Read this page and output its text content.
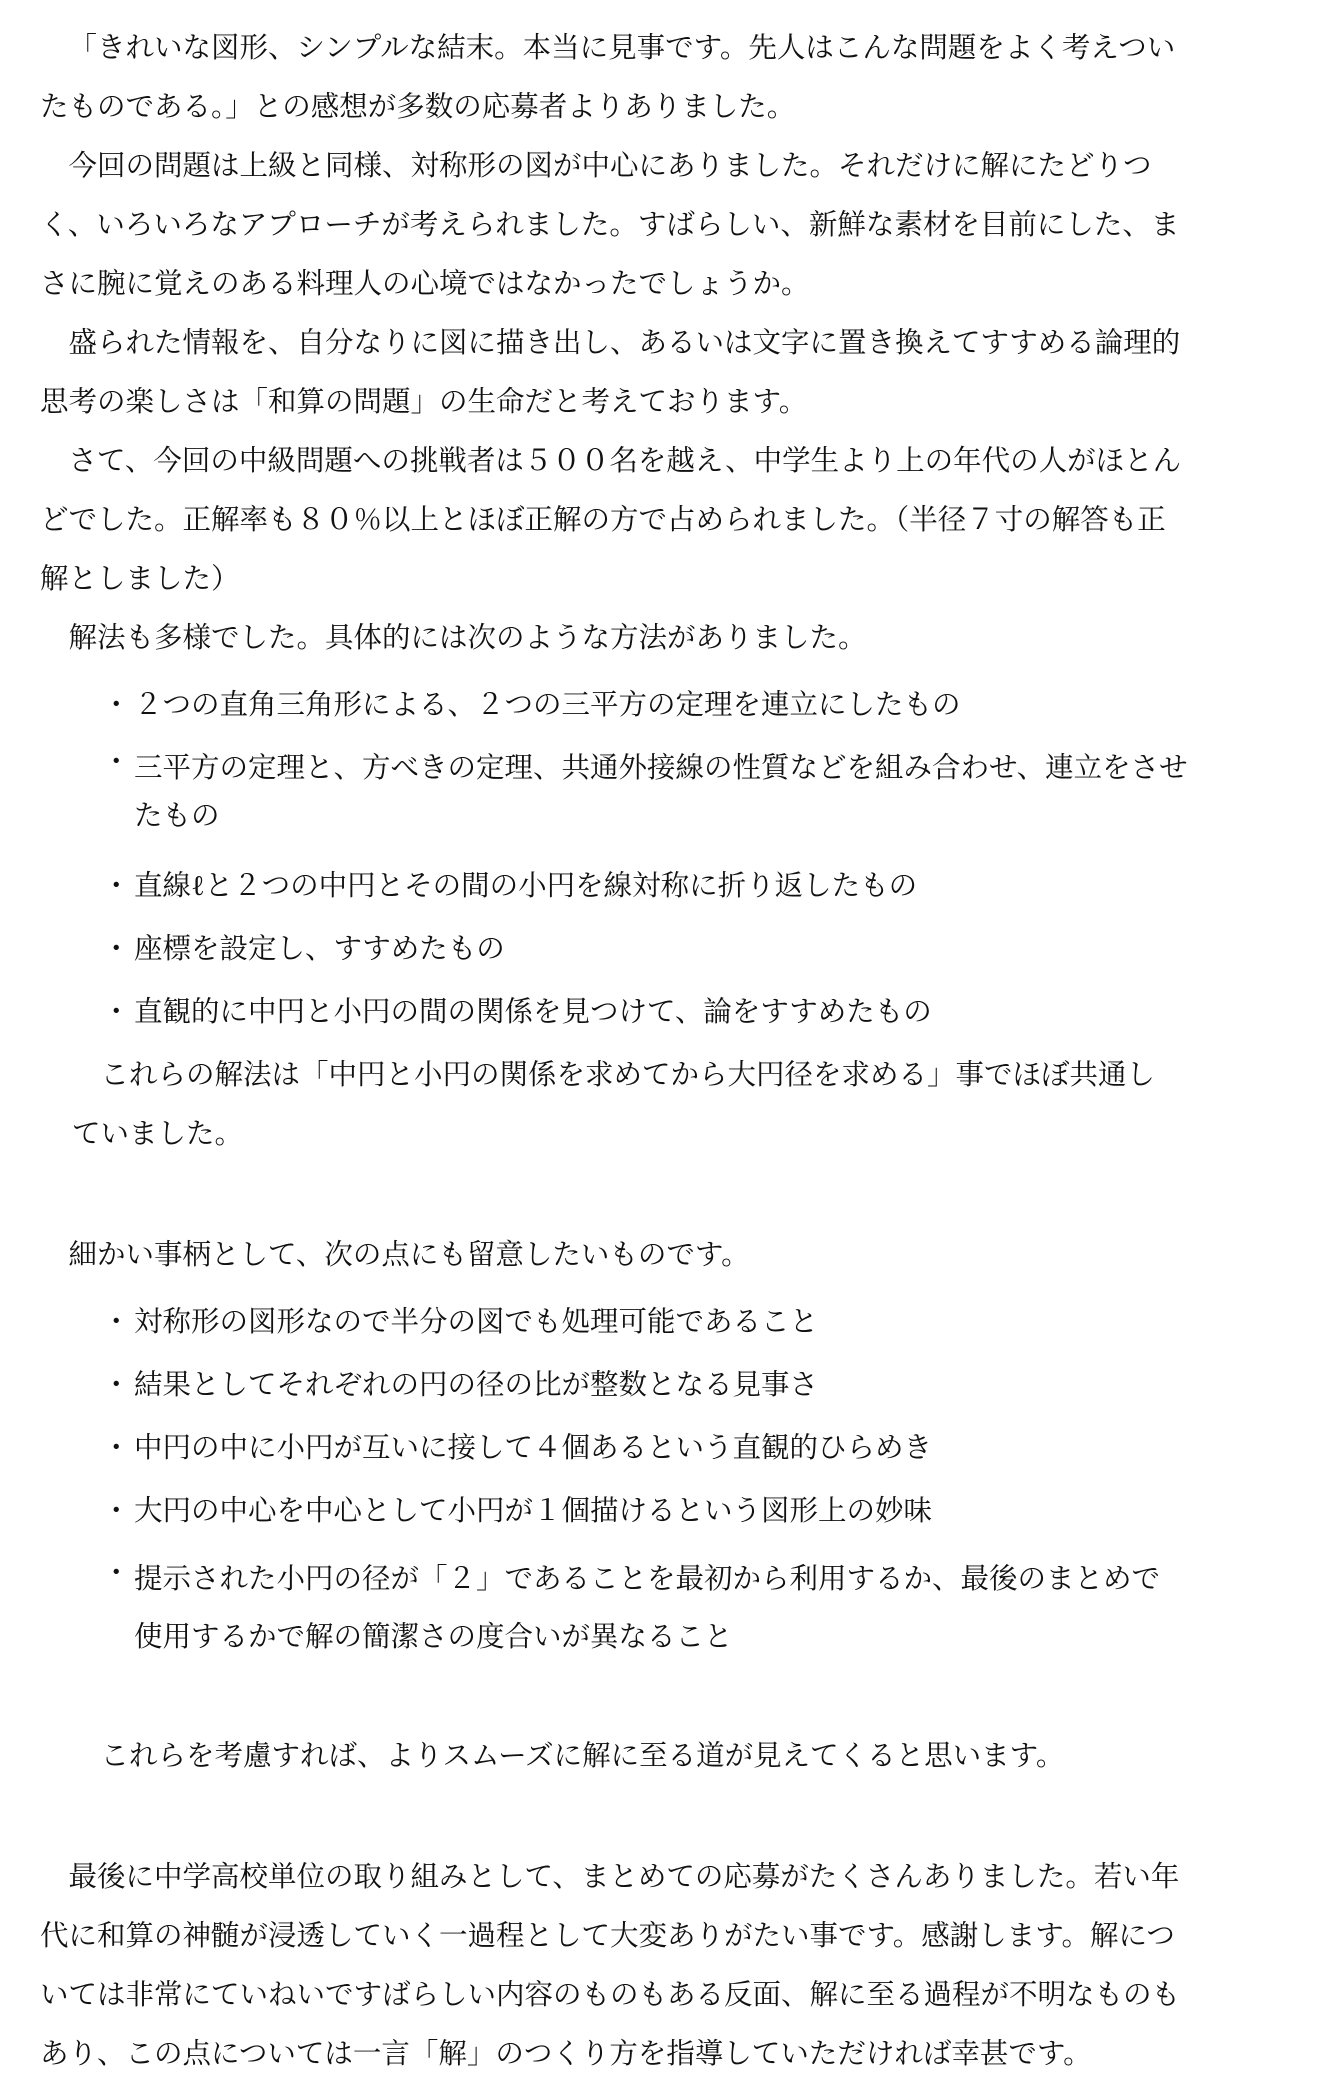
「きれいな図形、シンプルな結末。本当に見事です。先人はこんな問題をよく考えつい

たものである。」との感想が多数の応募者よりありました。

今回の問題は上級と同様、対称形の図が中心にありました。それだけに解にたどりつ

く、いろいろなアプローチが考えられました。すばらしい、新鮮な素材を目前にした、ま

さに腕に覚えのある料理人の心境ではなかったでしょうか。

盛られた情報を、自分なりに図に描き出し、あるいは文字に置き換えてすすめる論理的

思考の楽しさは「和算の問題」の生命だと考えております。

さて、今回の中級問題への挑戦者は５００名を越え、中学生より上の年代の人がほとん

どでした。正解率も８０％以上とほぼ正解の方で占められました。（半径７寸の解答も正

解としました）

解法も多様でした。具体的には次のような方法がありました。

・ ２つの直角三角形による、２つの三平方の定理を連立にしたもの
・ 三平方の定理と、方べきの定理、共通外接線の性質などを組み合わせ、連立をさせ
たもの
・ 直線ℓと２つの中円とその間の小円を線対称に折り返したもの
・ 座標を設定し、すすめたもの
・ 直観的に中円と小円の間の関係を見つけて、論をすすめたもの

これらの解法は「中円と小円の関係を求めてから大円径を求める」事でほぼ共通し

ていました。

細かい事柄として、次の点にも留意したいものです。

・ 対称形の図形なので半分の図でも処理可能であること
・ 結果としてそれぞれの円の径の比が整数となる見事さ
・ 中円の中に小円が互いに接して４個あるという直観的ひらめき
・ 大円の中心を中心として小円が１個描けるという図形上の妙味
・ 提示された小円の径が「２」であることを最初から利用するか、最後のまとめで
使用するかで解の簡潔さの度合いが異なること

これらを考慮すれば、よりスムーズに解に至る道が見えてくると思います。

最後に中学高校単位の取り組みとして、まとめての応募がたくさんありました。若い年

代に和算の神髄が浸透していく一過程として大変ありがたい事です。感謝します。解につ

いては非常にていねいですばらしい内容のものもある反面、解に至る過程が不明なものも

あり、この点については一言「解」のつくり方を指導していただければ幸甚です。
